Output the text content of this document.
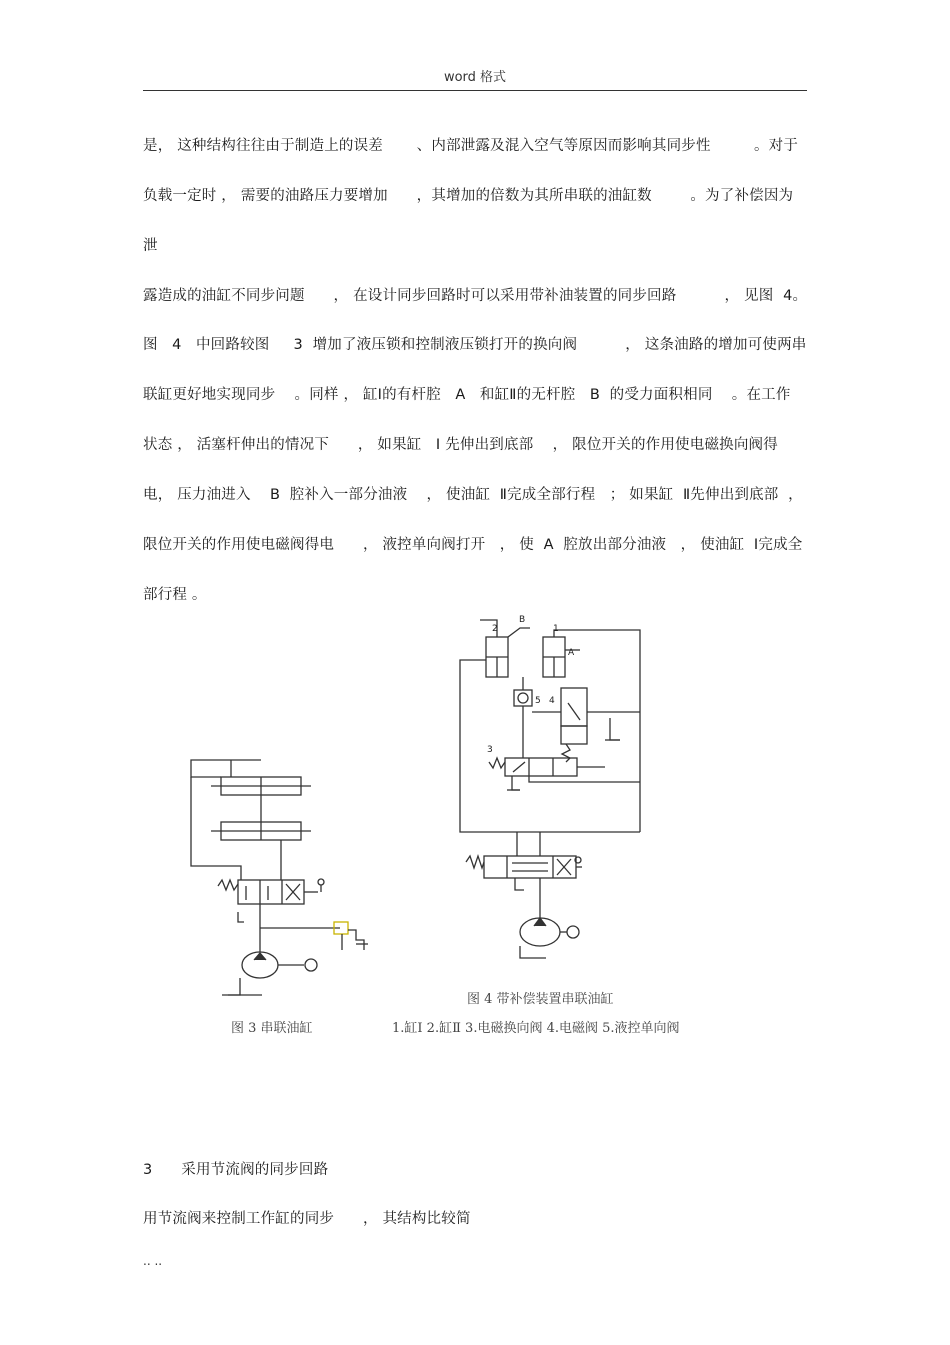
word 格式
是， 这种结构往往由于制造上的误差       、内部泄露及混入空气等原因而影响其同步性         。对于
负载一定时 ， 需要的油路压力要增加      ，其增加的倍数为其所串联的油缸数        。为了补偿因为
泄
露造成的油缸不同步问题      ， 在设计同步回路时可以采用带补油装置的同步回路          ， 见图  4。
图   4   中回路较图     3  增加了液压锁和控制液压锁打开的换向阀          ， 这条油路的增加可使两串
联缸更好地实现同步    。同样 ， 缸Ⅰ的有杆腔   A   和缸Ⅱ的无杆腔   B  的受力面积相同    。在工作
状态 ， 活塞杆伸出的情况下      ， 如果缸   Ⅰ 先伸出到底部    ， 限位开关的作用使电磁换向阀得
电， 压力油进入    B  腔补入一部分油液    ， 使油缸  Ⅱ完成全部行程   ； 如果缸  Ⅱ先伸出到底部  ，
限位开关的作用使电磁阀得电      ， 液控单向阀打开   ， 使  A  腔放出部分油液   ， 使油缸  Ⅰ完成全
部行程 。
B
2	1
A
5 4
3
图 3 串联油缸
图 4 带补偿装置串联油缸
1.缸Ⅰ 2.缸Ⅱ 3.电磁换向阀 4.电磁阀 5.液控单向阀
3      采用节流阀的同步回路
用节流阀来控制工作缸的同步      ， 其结构比较简
.. ..
